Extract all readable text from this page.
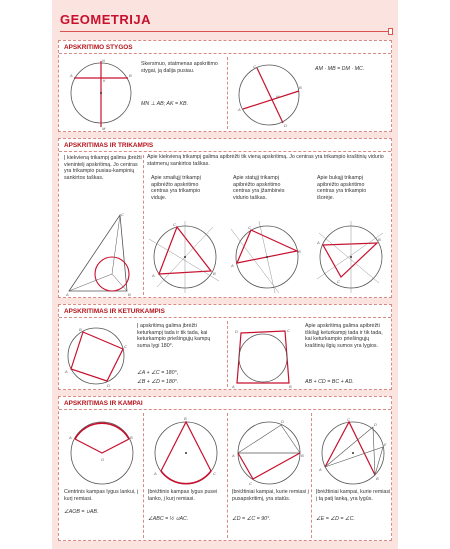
GEOMETRIJA
APSKRITIMO STYGOS
A	B
K
N
M
Skersmuo, statmenas apskritimo stygai, ją dalija pusiau.
MN ⊥ AB; AK = KB.
A
B
C
D
M
AM · MB = DM · MC.
APSKRITIMAS IR TRIKAMPIS
Į kiekvieną trikampį galima įbrėžti vienintelį apskritimą. Jo centras yra trikampio pusiau-kampinių sankirtos taškas.
A	B
C
Apie kiekvieną trikampį galima apibrėžti tik vieną apskritimą. Jo centras yra trikampio kraštinių vidurio statmenų sankirtos taškas.
Apie smailųjį trikampį apibrėžto apskritimo centras yra trikampio viduje.
Apie statųjį trikampį apibrėžto apskritimo centras yra įžambinės vidurio taškas.
Apie bukąjį trikampį apibrėžto apskritimo centras yra trikampio išorėje.
A	B
C
A
B
C
A
B
C
APSKRITIMAS IR KETURKAMPIS
A
B
C
D
Į apskritimą galima įbrėžti keturkampį tada ir tik tada, kai keturkampio priešingųjų kampų suma lygi 180°.
∠A + ∠C = 180°,
∠B + ∠D = 180°.
A	B
C
D
Apie apskritimą galima apibrėžti iškiląjį keturkampį tada ir tik tada, kai keturkampio priešingųjų kraštinių ilgių sumos yra lygios.
AB + CD = BC + AD.
APSKRITIMAS IR KAMPAI
A	B
O
Centrinis kampas lygus lankui, į kurį remiasi.
∠AOB = ∪AB.
A
B
C
Įbrėžtinis kampas lygus pusei lanko, į kurį remiasi.
∠ABC = ½ ∪AC.
A	B
C
D
Įbrėžtiniai kampai, kurie remiasi į pusapskritimį, yra statūs.
∠D = ∠C = 90°.
A
B
C
D
E
Įbrėžtiniai kampai, kurie remiasi į tą patį lanką, yra lygūs.
∠E = ∠D = ∠C.
